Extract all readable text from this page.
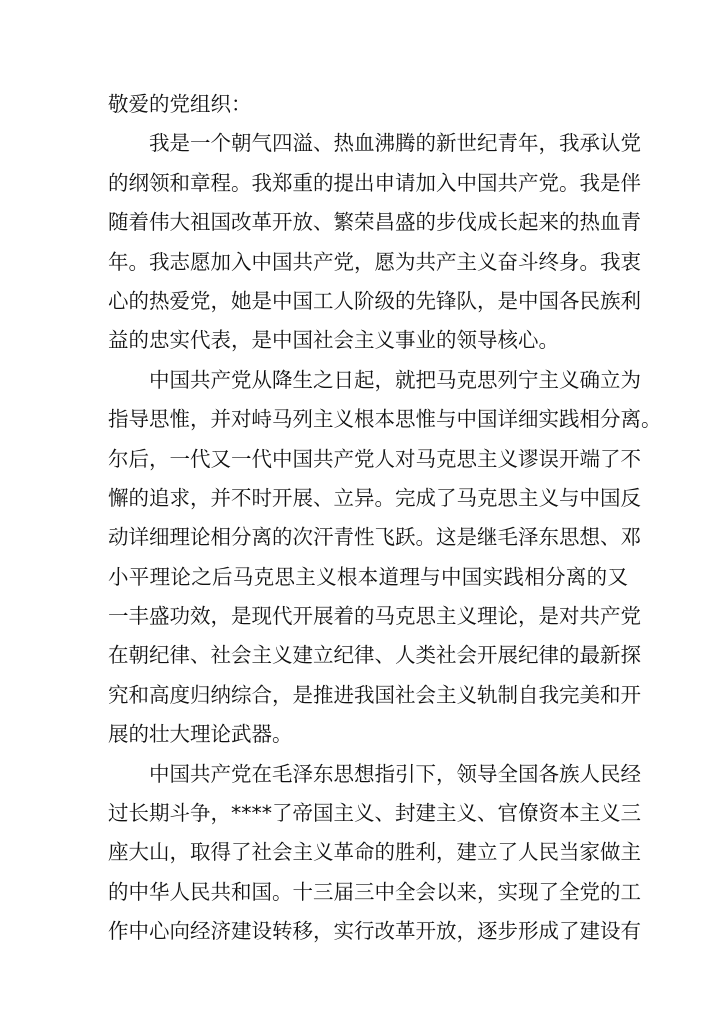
敬爱的党组织：

我是一个朝气四溢、热血沸腾的新世纪青年，我承认党
的纲领和章程。我郑重的提出申请加入中国共产党。我是伴
随着伟大祖国改革开放、繁荣昌盛的步伐成长起来的热血青
年。我志愿加入中国共产党，愿为共产主义奋斗终身。我衷
心的热爱党，她是中国工人阶级的先锋队，是中国各民族利
益的忠实代表，是中国社会主义事业的领导核心。

中国共产党从降生之日起，就把马克思列宁主义确立为
指导思惟，并对峙马列主义根本思惟与中国详细实践相分离。
尔后，一代又一代中国共产党人对马克思主义谬误开端了不
懈的追求，并不时开展、立异。完成了马克思主义与中国反
动详细理论相分离的次汗青性飞跃。这是继毛泽东思想、邓
小平理论之后马克思主义根本道理与中国实践相分离的又
一丰盛功效，是现代开展着的马克思主义理论，是对共产党
在朝纪律、社会主义建立纪律、人类社会开展纪律的最新探
究和高度归纳综合，是推进我国社会主义轨制自我完美和开
展的壮大理论武器。

中国共产党在毛泽东思想指引下，领导全国各族人民经
过长期斗争，****了帝国主义、封建主义、官僚资本主义三
座大山，取得了社会主义革命的胜利，建立了人民当家做主
的中华人民共和国。十三届三中全会以来，实现了全党的工
作中心向经济建设转移，实行改革开放，逐步形成了建设有
